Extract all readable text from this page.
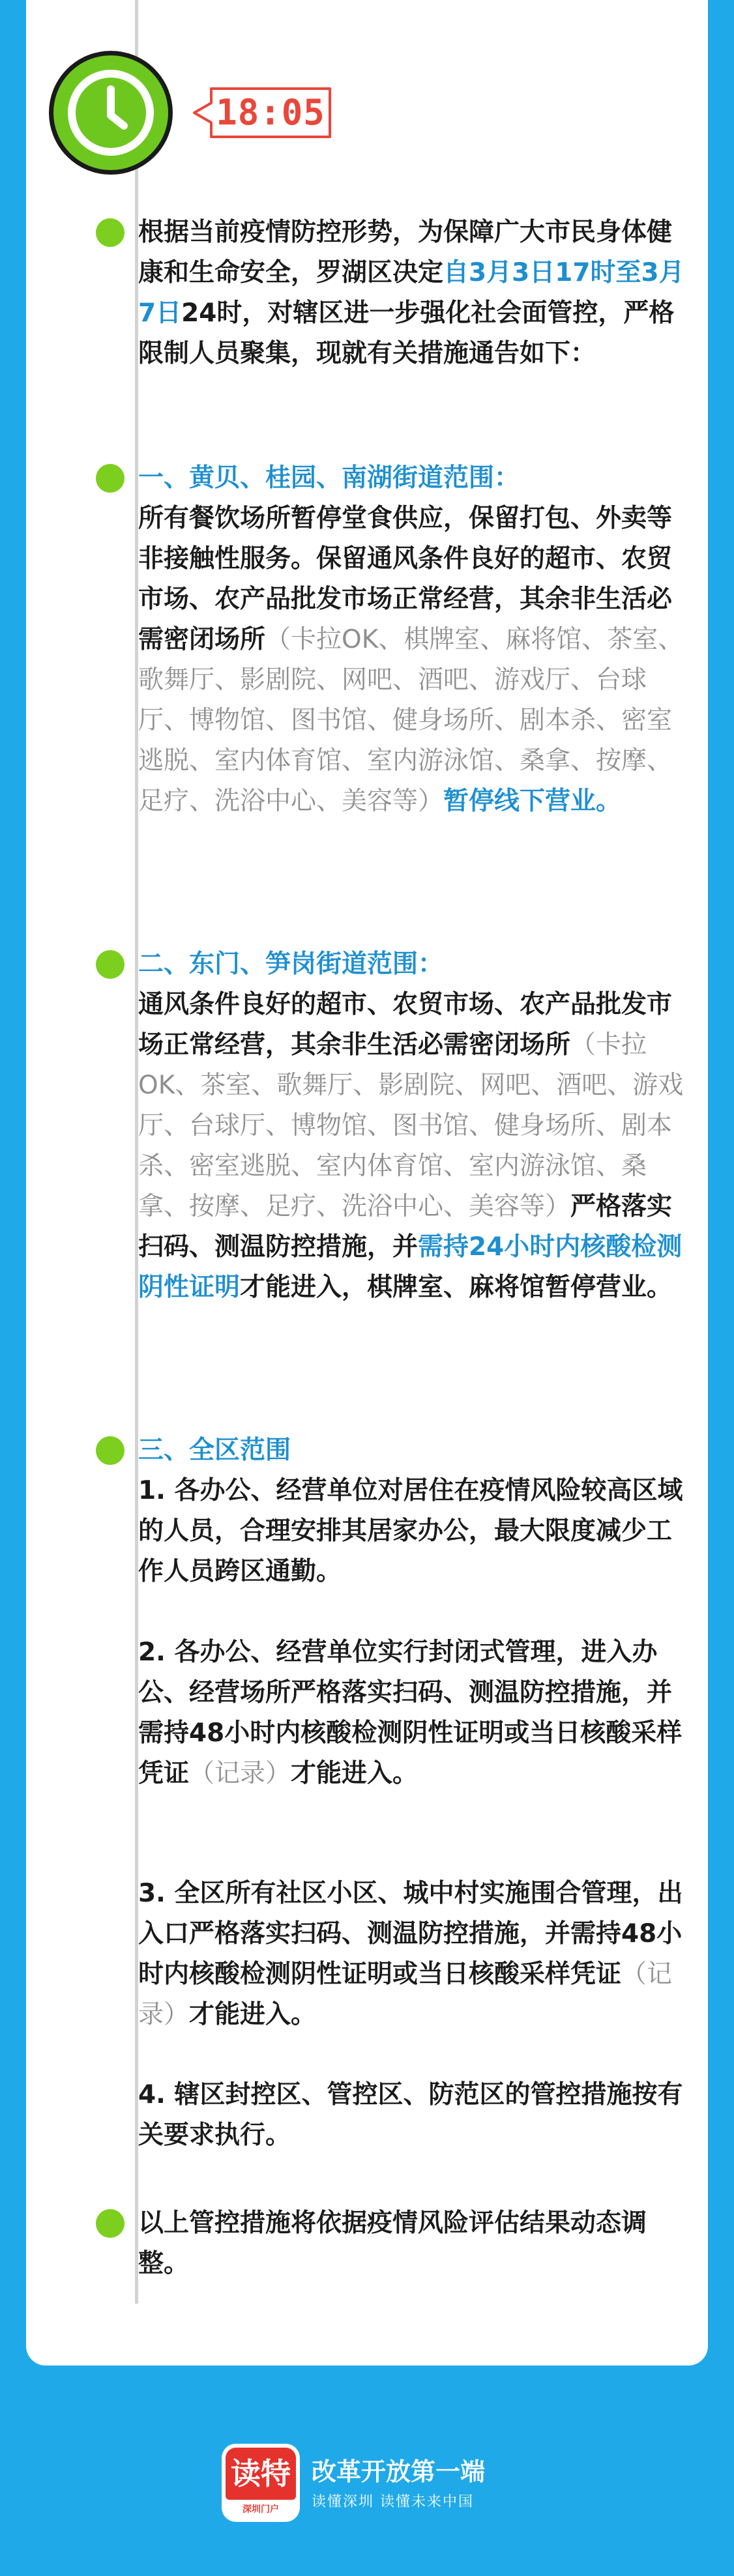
18:05

根据当前疫情防控形势，为保障广大市民身体健康和生命安全，罗湖区决定自3月3日17时至3月7日24时，对辖区进一步强化社会面管控，严格限制人员聚集，现就有关措施通告如下：

一、黄贝、桂园、南湖街道范围：
所有餐饮场所暂停堂食供应，保留打包、外卖等非接触性服务。保留通风条件良好的超市、农贸市场、农产品批发市场正常经营，其余非生活必需密闭场所（卡拉OK、棋牌室、麻将馆、茶室、歌舞厅、影剧院、网吧、酒吧、游戏厅、台球厅、博物馆、图书馆、健身场所、剧本杀、密室逃脱、室内体育馆、室内游泳馆、桑拿、按摩、足疗、洗浴中心、美容等）暂停线下营业。

二、东门、笋岗街道范围：
通风条件良好的超市、农贸市场、农产品批发市场正常经营，其余非生活必需密闭场所（卡拉OK、茶室、歌舞厅、影剧院、网吧、酒吧、游戏厅、台球厅、博物馆、图书馆、健身场所、剧本杀、密室逃脱、室内体育馆、室内游泳馆、桑拿、按摩、足疗、洗浴中心、美容等）严格落实扫码、测温防控措施，并需持24小时内核酸检测阴性证明才能进入，棋牌室、麻将馆暂停营业。

三、全区范围

1. 各办公、经营单位对居住在疫情风险较高区域的人员，合理安排其居家办公，最大限度减少工作人员跨区通勤。

2. 各办公、经营单位实行封闭式管理，进入办公、经营场所严格落实扫码、测温防控措施，并需持48小时内核酸检测阴性证明或当日核酸采样凭证（记录）才能进入。

3. 全区所有社区小区、城中村实施围合管理，出入口严格落实扫码、测温防控措施，并需持48小时内核酸检测阴性证明或当日核酸采样凭证（记录）才能进入。

4. 辖区封控区、管控区、防范区的管控措施按有关要求执行。

以上管控措施将依据疫情风险评估结果动态调整。

读特
深圳门户
改革开放第一端
读懂深圳 读懂未来中国
